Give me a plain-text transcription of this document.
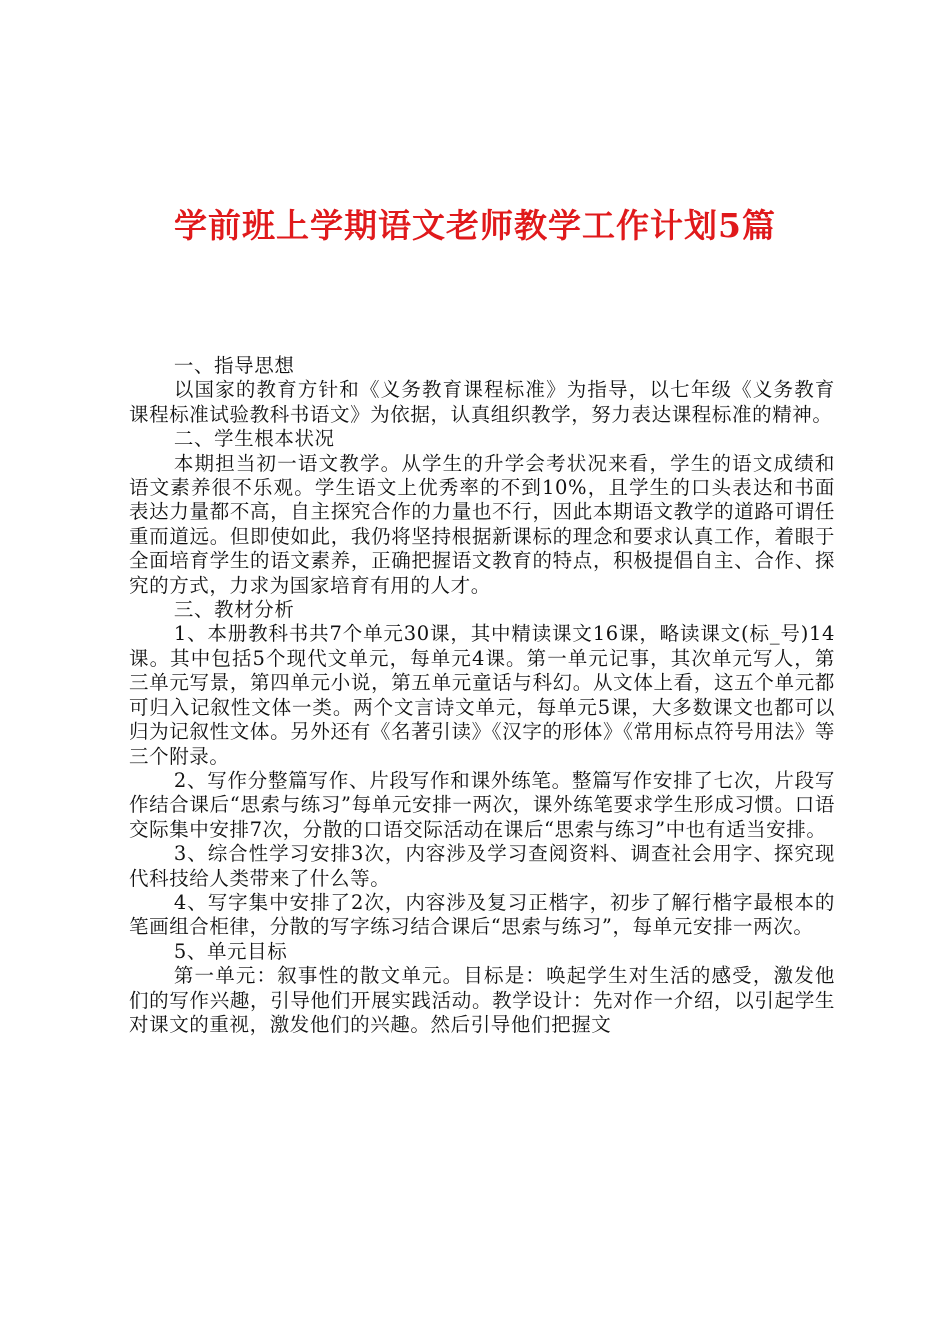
学前班上学期语文老师教学工作计划5篇

一、指导思想

以国家的教育方针和《义务教育课程标准》为指导，以七年级《义务教育课程标准试验教科书语文》为依据，认真组织教学，努力表达课程标准的精神。

二、学生根本状况

本期担当初一语文教学。从学生的升学会考状况来看，学生的语文成绩和语文素养很不乐观。学生语文上优秀率的不到10%，且学生的口头表达和书面表达力量都不高，自主探究合作的力量也不行，因此本期语文教学的道路可谓任重而道远。但即使如此，我仍将坚持根据新课标的理念和要求认真工作，着眼于全面培育学生的语文素养，正确把握语文教育的特点，积极提倡自主、合作、探究的方式，力求为国家培育有用的人才。

三、教材分析

1、本册教科书共7个单元30课，其中精读课文16课，略读课文(标_号)14课。其中包括5个现代文单元，每单元4课。第一单元记事，其次单元写人，第三单元写景，第四单元小说，第五单元童话与科幻。从文体上看，这五个单元都可归入记叙性文体一类。两个文言诗文单元，每单元5课，大多数课文也都可以归为记叙性文体。另外还有《名著引读》《汉字的形体》《常用标点符号用法》等三个附录。

2、写作分整篇写作、片段写作和课外练笔。整篇写作安排了七次，片段写作结合课后“思索与练习”每单元安排一两次，课外练笔要求学生形成习惯。口语交际集中安排7次，分散的口语交际活动在课后“思索与练习”中也有适当安排。

3、综合性学习安排3次，内容涉及学习查阅资料、调查社会用字、探究现代科技给人类带来了什么等。

4、写字集中安排了2次，内容涉及复习正楷字，初步了解行楷字最根本的笔画组合柜律，分散的写字练习结合课后“思索与练习”，每单元安排一两次。

5、单元目标

第一单元：叙事性的散文单元。目标是：唤起学生对生活的感受，激发他们的写作兴趣，引导他们开展实践活动。教学设计：先对作一介绍，以引起学生对课文的重视，激发他们的兴趣。然后引导他们把握文
